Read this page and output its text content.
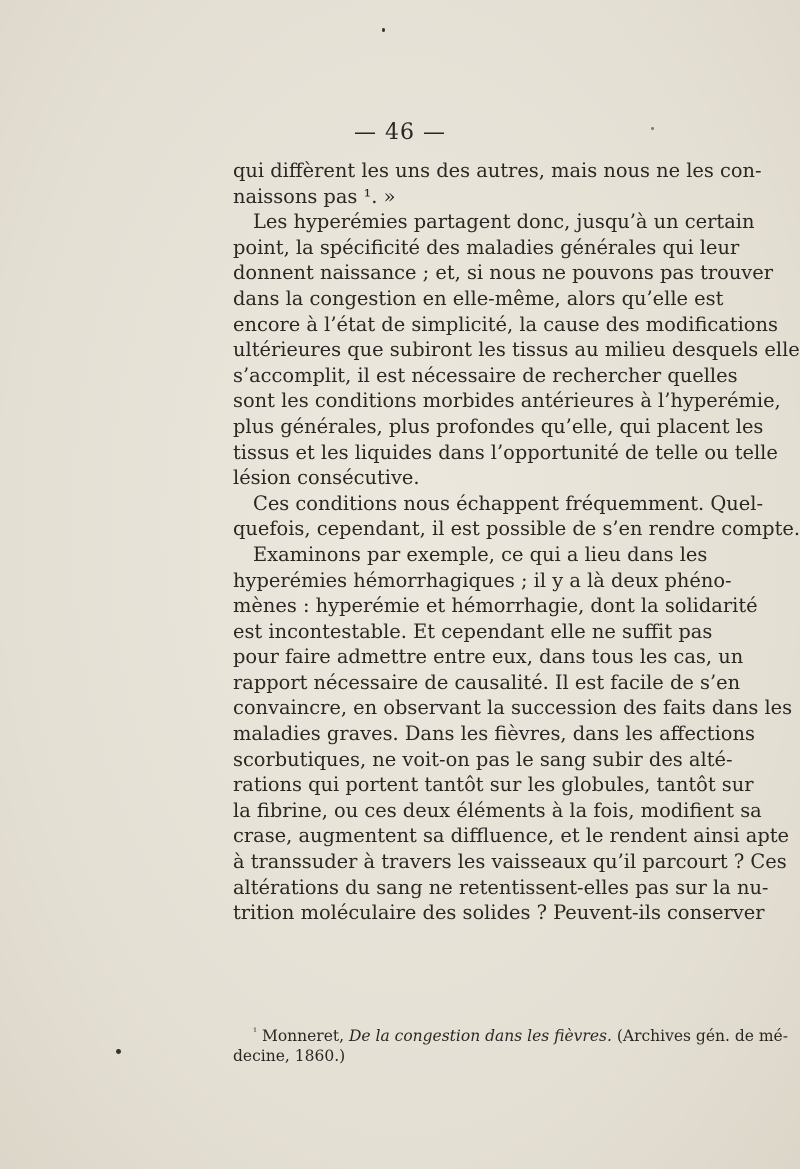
— 46 —
qui diffèrent les uns des autres, mais nous ne les con-
naissons pas ¹. »
Les hyperémies partagent donc, jusqu’à un certain
point, la spécificité des maladies générales qui leur
donnent naissance ; et, si nous ne pouvons pas trouver
dans la congestion en elle-même, alors qu’elle est
encore à l’état de simplicité, la cause des modifications
ultérieures que subiront les tissus au milieu desquels elle
s’accomplit, il est nécessaire de rechercher quelles
sont les conditions morbides antérieures à l’hyperémie,
plus générales, plus profondes qu’elle, qui placent les
tissus et les liquides dans l’opportunité de telle ou telle
lésion consécutive.
Ces conditions nous échappent fréquemment. Quel-
quefois, cependant, il est possible de s’en rendre compte.
Examinons par exemple, ce qui a lieu dans les
hyperémies hémorrhagiques ; il y a là deux phéno-
mènes : hyperémie et hémorrhagie, dont la solidarité
est incontestable. Et cependant elle ne suffit pas
pour faire admettre entre eux, dans tous les cas, un
rapport nécessaire de causalité. Il est facile de s’en
convaincre, en observant la succession des faits dans les
maladies graves. Dans les fièvres, dans les affections
scorbutiques, ne voit-on pas le sang subir des alté-
rations qui portent tantôt sur les globules, tantôt sur
la fibrine, ou ces deux éléments à la fois, modifient sa
crase, augmentent sa diffluence, et le rendent ainsi apte
à transsuder à travers les vaisseaux qu’il parcourt ? Ces
altérations du sang ne retentissent-elles pas sur la nu-
trition moléculaire des solides ? Peuvent-ils conserver
$^{^1}$ Monneret, De la congestion dans les fièvres. (Archives gén. de mé-
decine, 1860.)
